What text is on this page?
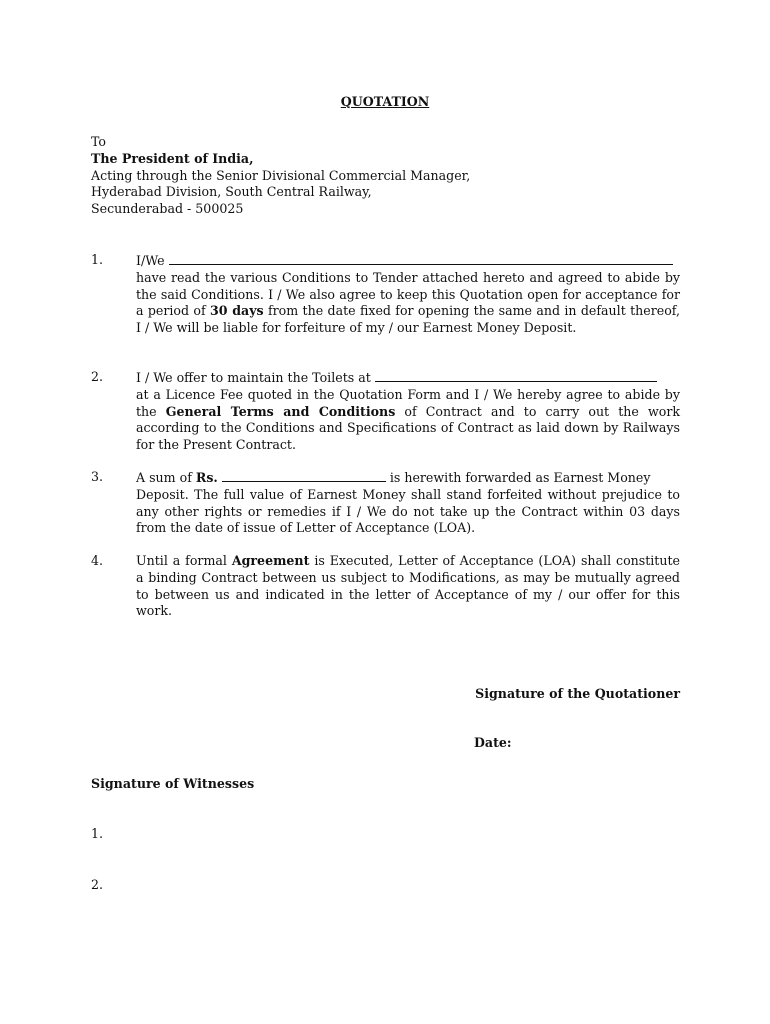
QUOTATION
To
The President of India,
Acting through the Senior Divisional Commercial Manager,
Hyderabad Division, South Central Railway,
Secunderabad - 500025
1.	I/We
have read the various Conditions to Tender attached hereto and agreed to abide by the said Conditions. I / We also agree to keep this Quotation open for acceptance for a period of 30 days from the date fixed for opening the same and in default thereof, I / We will be liable for forfeiture of my / our Earnest Money Deposit.
2.	I / We offer to maintain the Toilets at
at a Licence Fee quoted in the Quotation Form and I / We hereby agree to abide by the General Terms and Conditions of Contract and to carry out the work according to the Conditions and Specifications of Contract as laid down by Railways for the Present Contract.
3.	A sum of Rs.	is herewith forwarded as Earnest Money
Deposit. The full value of Earnest Money shall stand forfeited without prejudice to any other rights or remedies if I / We do not take up the Contract within 03 days from the date of issue of Letter of Acceptance (LOA).
4.	Until a formal Agreement is Executed, Letter of Acceptance (LOA) shall constitute a binding Contract between us subject to Modifications, as may be mutually agreed to between us and indicated in the letter of Acceptance of my / our offer for this work.
Signature of the Quotationer
Date:
Signature of Witnesses
1.
2.
